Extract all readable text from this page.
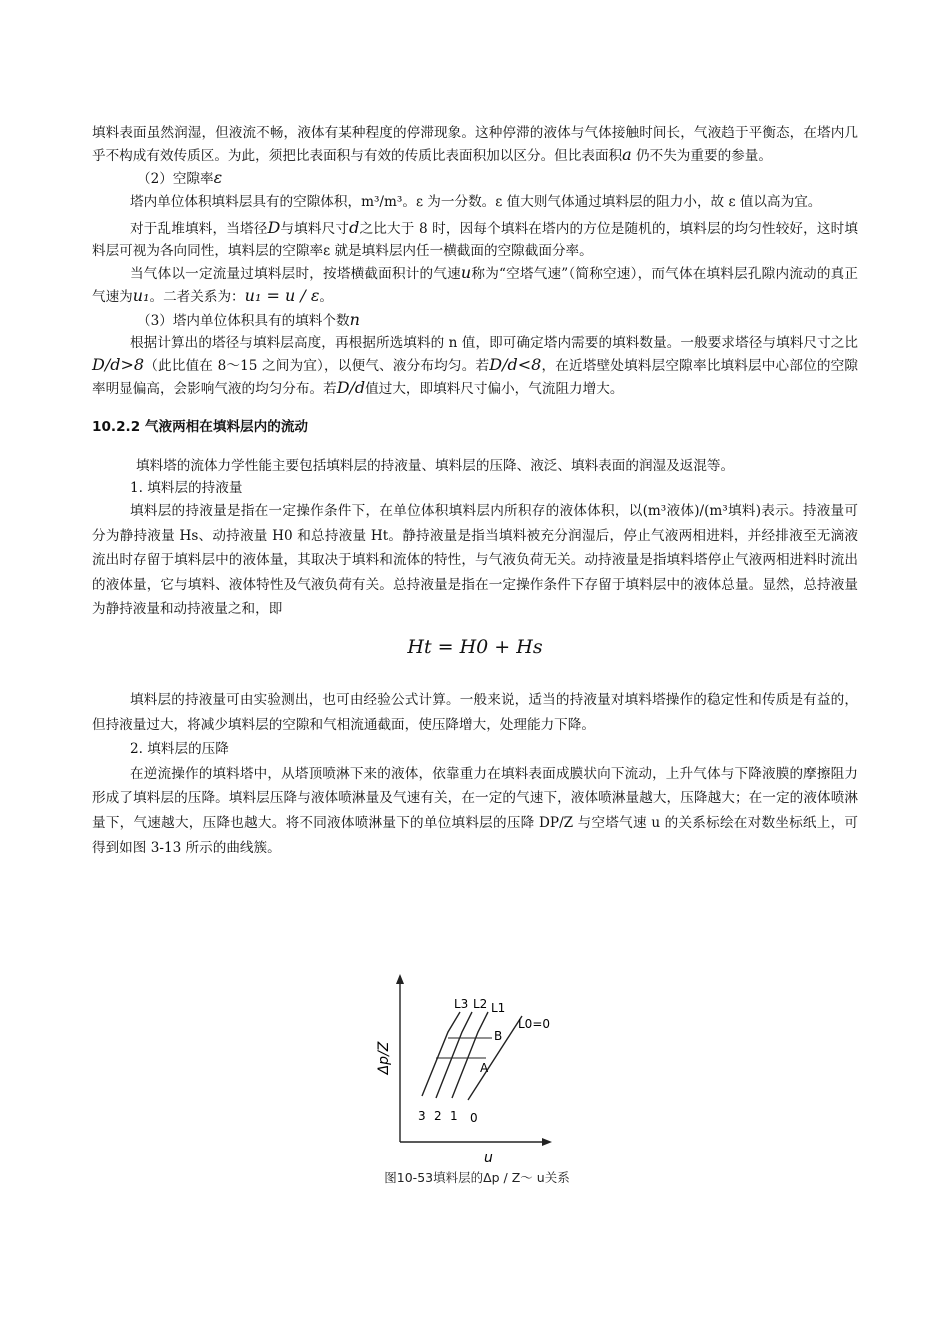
填料表面虽然润湿，但液流不畅，液体有某种程度的停滞现象。这种停滞的液体与气体接触时间长，气液趋于平衡态，在塔内几乎不构成有效传质区。为此，须把比表面积与有效的传质比表面积加以区分。但比表面积a 仍不失为重要的参量。

（2）空隙率ε

塔内单位体积填料层具有的空隙体积，m³/m³。ε 为一分数。ε 值大则气体通过填料层的阻力小，故 ε 值以高为宜。

对于乱堆填料，当塔径D与填料尺寸d之比大于 8 时，因每个填料在塔内的方位是随机的，填料层的均匀性较好，这时填料层可视为各向同性，填料层的空隙率ε 就是填料层内任一横截面的空隙截面分率。

当气体以一定流量过填料层时，按塔横截面积计的气速u称为“空塔气速”（简称空速），而气体在填料层孔隙内流动的真正气速为u₁。二者关系为：u₁ = u / ε。

（3）塔内单位体积具有的填料个数n

根据计算出的塔径与填料层高度，再根据所选填料的 n 值，即可确定塔内需要的填料数量。一般要求塔径与填料尺寸之比D/d>8（此比值在 8～15 之间为宜），以便气、液分布均匀。若D/d<8，在近塔壁处填料层空隙率比填料层中心部位的空隙率明显偏高，会影响气液的均匀分布。若D/d值过大，即填料尺寸偏小，气流阻力增大。

10.2.2 气液两相在填料层内的流动

填料塔的流体力学性能主要包括填料层的持液量、填料层的压降、液泛、填料表面的润湿及返混等。

1. 填料层的持液量

填料层的持液量是指在一定操作条件下，在单位体积填料层内所积存的液体体积，以(m³液体)/(m³填料)表示。持液量可分为静持液量 Hs、动持液量 H0 和总持液量 Ht。静持液量是指当填料被充分润湿后，停止气液两相进料，并经排液至无滴液流出时存留于填料层中的液体量，其取决于填料和流体的特性，与气液负荷无关。动持液量是指填料塔停止气液两相进料时流出的液体量，它与填料、液体特性及气液负荷有关。总持液量是指在一定操作条件下存留于填料层中的液体总量。显然，总持液量为静持液量和动持液量之和，即

Ht = H0 + Hs

填料层的持液量可由实验测出，也可由经验公式计算。一般来说，适当的持液量对填料塔操作的稳定性和传质是有益的，但持液量过大，将减少填料层的空隙和气相流通截面，使压降增大，处理能力下降。

2. 填料层的压降

在逆流操作的填料塔中，从塔顶喷淋下来的液体，依靠重力在填料表面成膜状向下流动，上升气体与下降液膜的摩擦阻力形成了填料层的压降。填料层压降与液体喷淋量及气速有关，在一定的气速下，液体喷淋量越大，压降越大；在一定的液体喷淋量下，气速越大，压降也越大。将不同液体喷淋量下的单位填料层的压降 DP/Z 与空塔气速 u 的关系标绘在对数坐标纸上，可得到如图 3-13 所示的曲线簇。

Δp/Z
u
L3 L2 L1
L0=0
B
A
3 2 1 0
图10-53填料层的Δp / Z～ u关系
